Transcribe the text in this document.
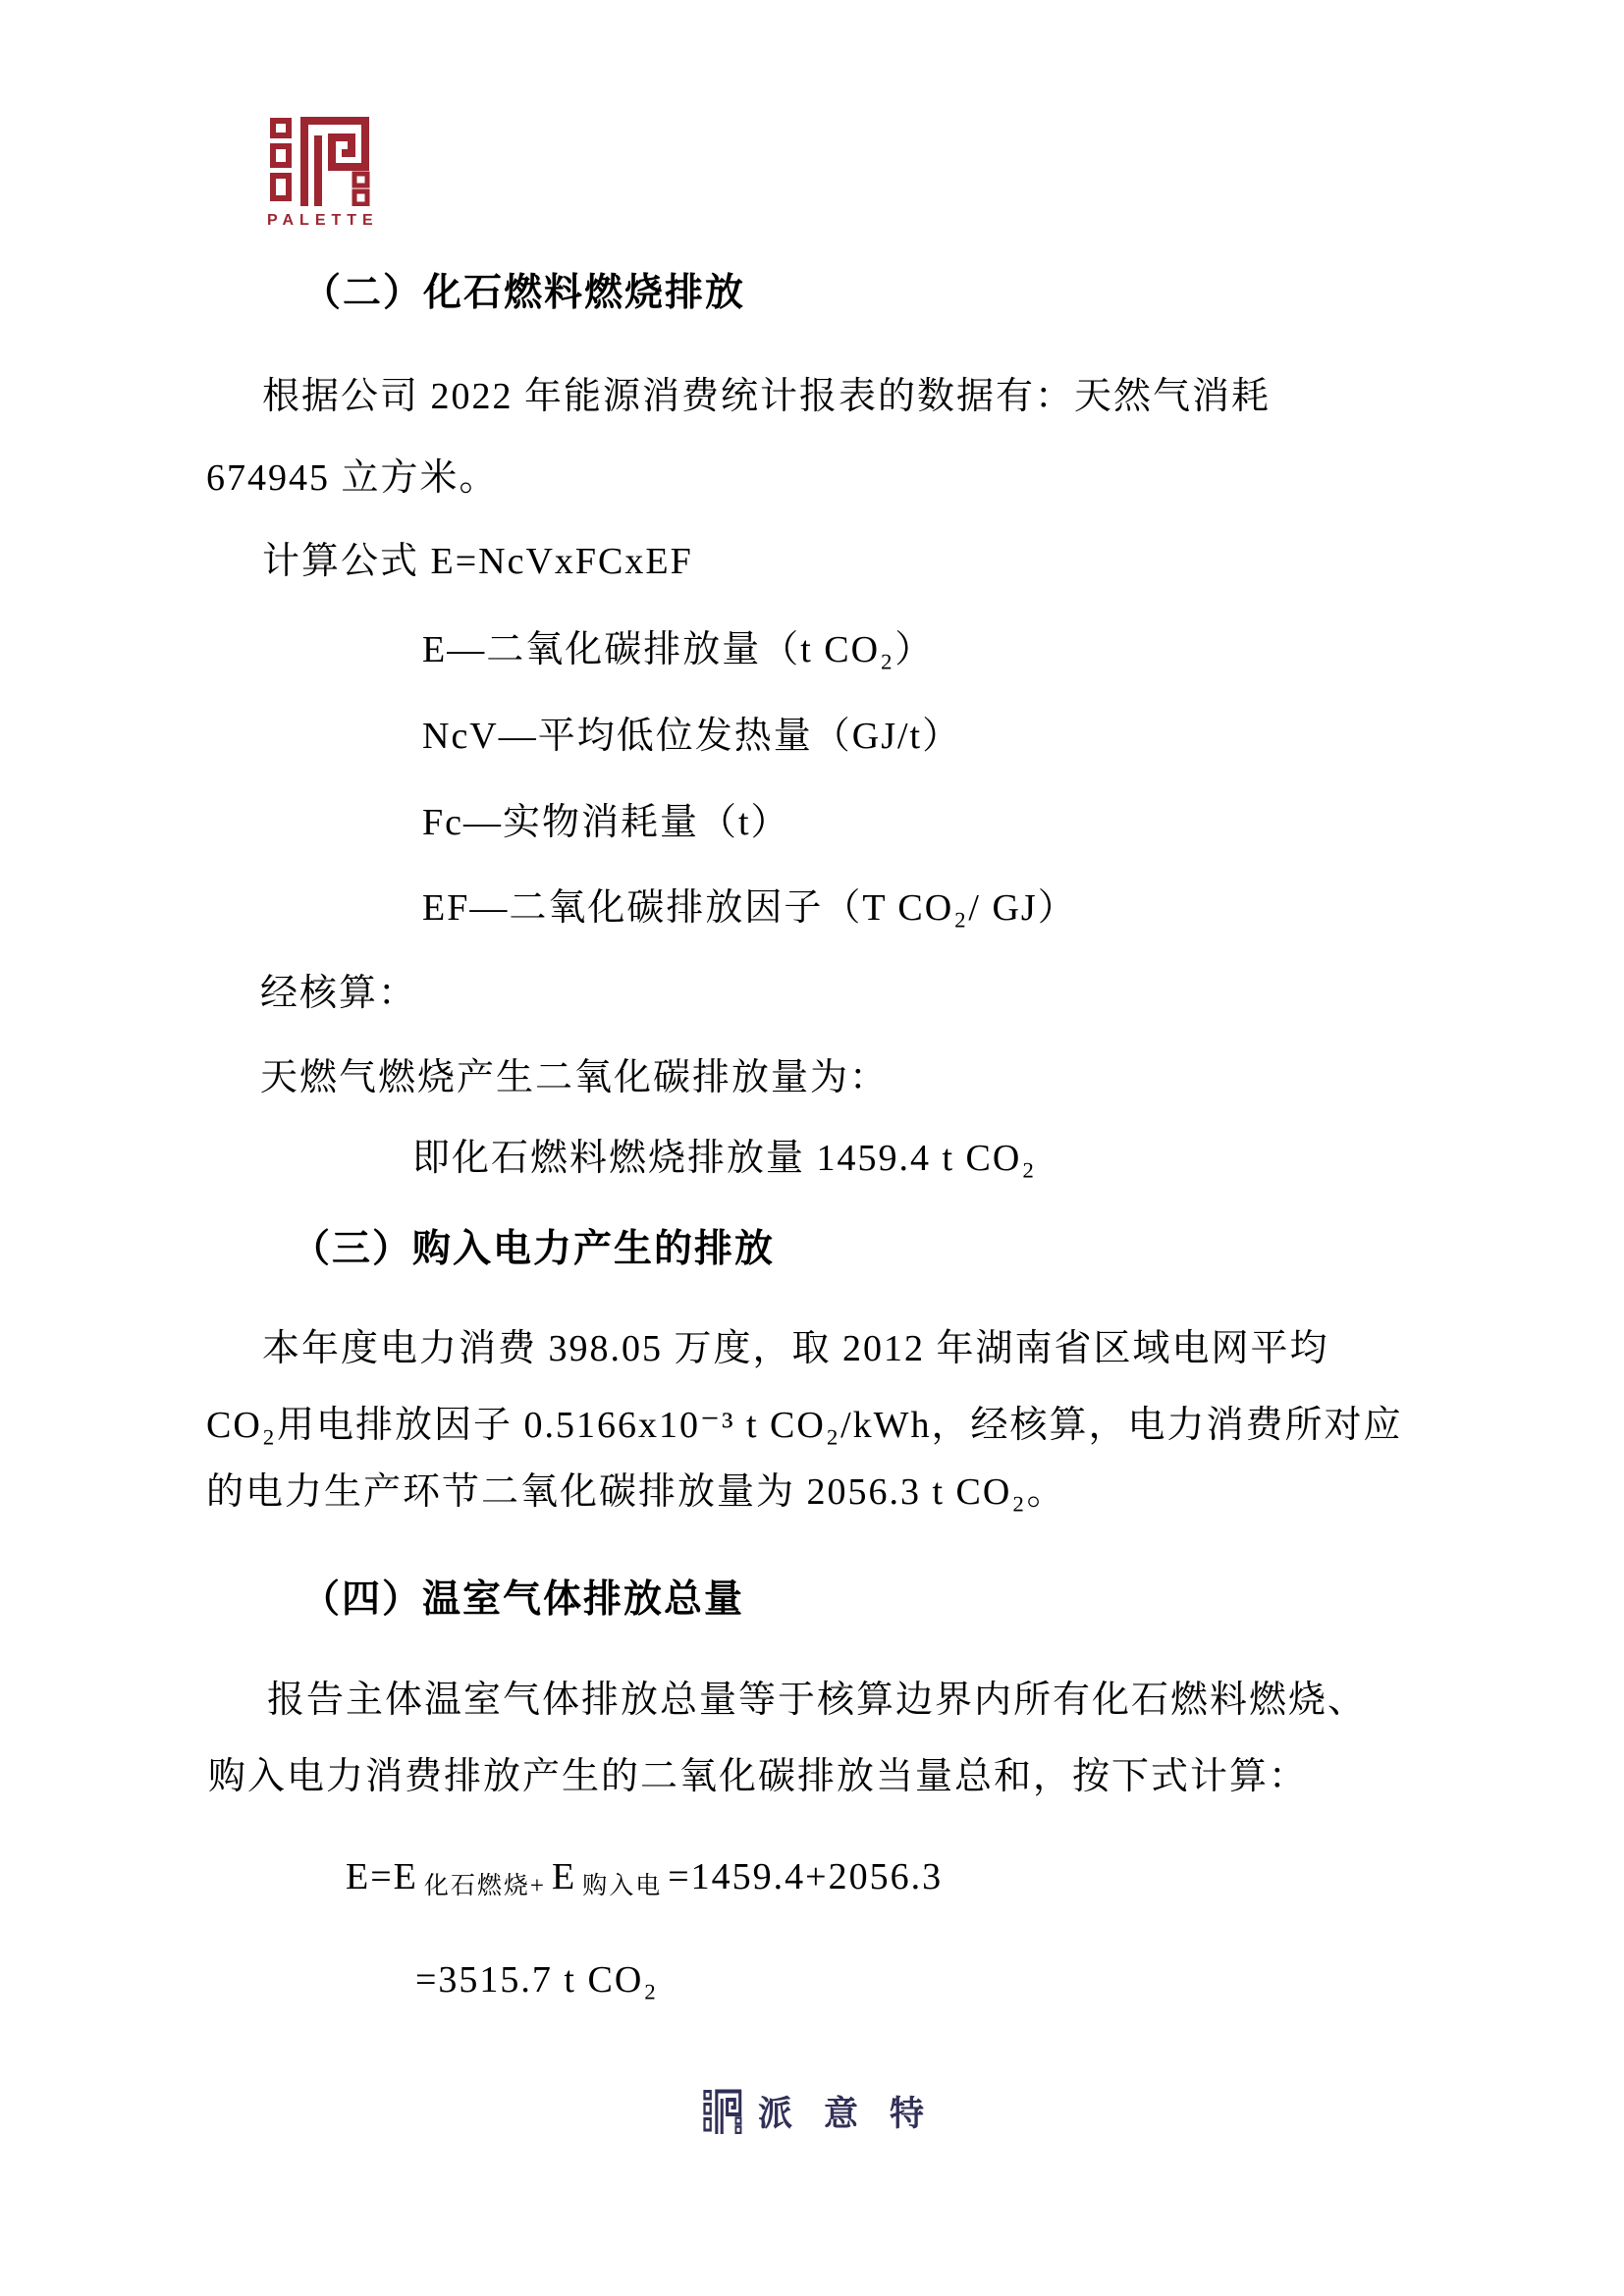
PALETTE
（二）化石燃料燃烧排放
根据公司 2022 年能源消费统计报表的数据有：天然气消耗
674945 立方米。
计算公式 E=NcVxFCxEF
E—二氧化碳排放量（t CO₂）
NcV—平均低位发热量（GJ/t）
Fc—实物消耗量（t）
EF—二氧化碳排放因子（T CO₂/ GJ）
经核算：
天燃气燃烧产生二氧化碳排放量为：
即化石燃料燃烧排放量 1459.4 t CO₂
（三）购入电力产生的排放
本年度电力消费 398.05 万度，取 2012 年湖南省区域电网平均
CO₂用电排放因子 0.5166x10⁻³ t CO₂/kWh，经核算，电力消费所对应
的电力生产环节二氧化碳排放量为 2056.3 t CO₂。
（四）温室气体排放总量
报告主体温室气体排放总量等于核算边界内所有化石燃料燃烧、
购入电力消费排放产生的二氧化碳排放当量总和，按下式计算：
E=E 化石燃烧+ E 购入电 =1459.4+2056.3
=3515.7 t CO₂
派意特
